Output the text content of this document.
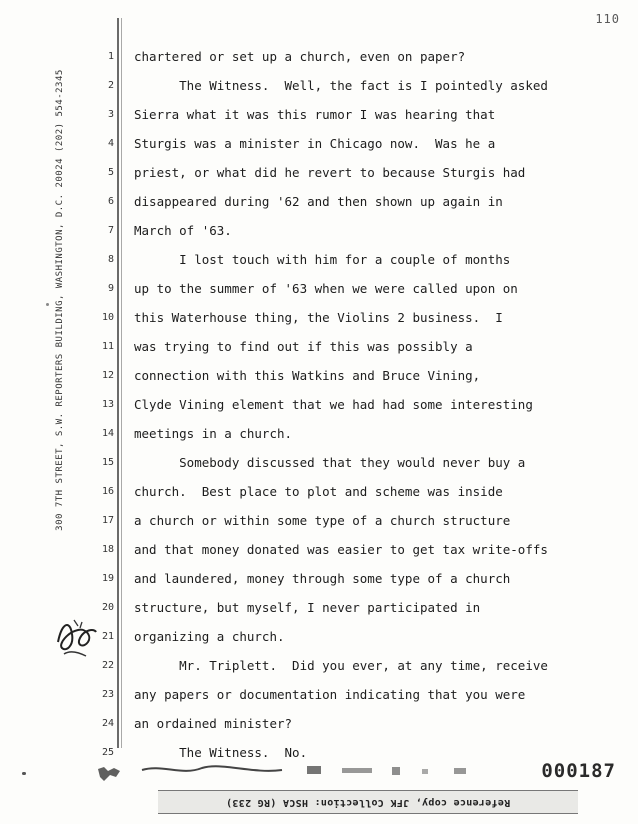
110
300 7TH STREET, S.W. REPORTERS BUILDING, WASHINGTON, D.C. 20024 (202) 554-2345
1
2
3
4
5
6
7
8
9
10
11
12
13
14
15
16
17
18
19
20
21
22
23
24
25
chartered or set up a church, even on paper?
The Witness.  Well, the fact is I pointedly asked
Sierra what it was this rumor I was hearing that
Sturgis was a minister in Chicago now.  Was he a
priest, or what did he revert to because Sturgis had
disappeared during '62 and then shown up again in
March of '63.
I lost touch with him for a couple of months
up to the summer of '63 when we were called upon on
this Waterhouse thing, the Violins 2 business.  I
was trying to find out if this was possibly a
connection with this Watkins and Bruce Vining,
Clyde Vining element that we had had some interesting
meetings in a church.
Somebody discussed that they would never buy a
church.  Best place to plot and scheme was inside
a church or within some type of a church structure
and that money donated was easier to get tax write-offs
and laundered, money through some type of a church
structure, but myself, I never participated in
organizing a church.
Mr. Triplett.  Did you ever, at any time, receive
any papers or documentation indicating that you were
an ordained minister?
The Witness.  No.
000187
Reference copy, JFK Collection: HSCA (RG 233)
